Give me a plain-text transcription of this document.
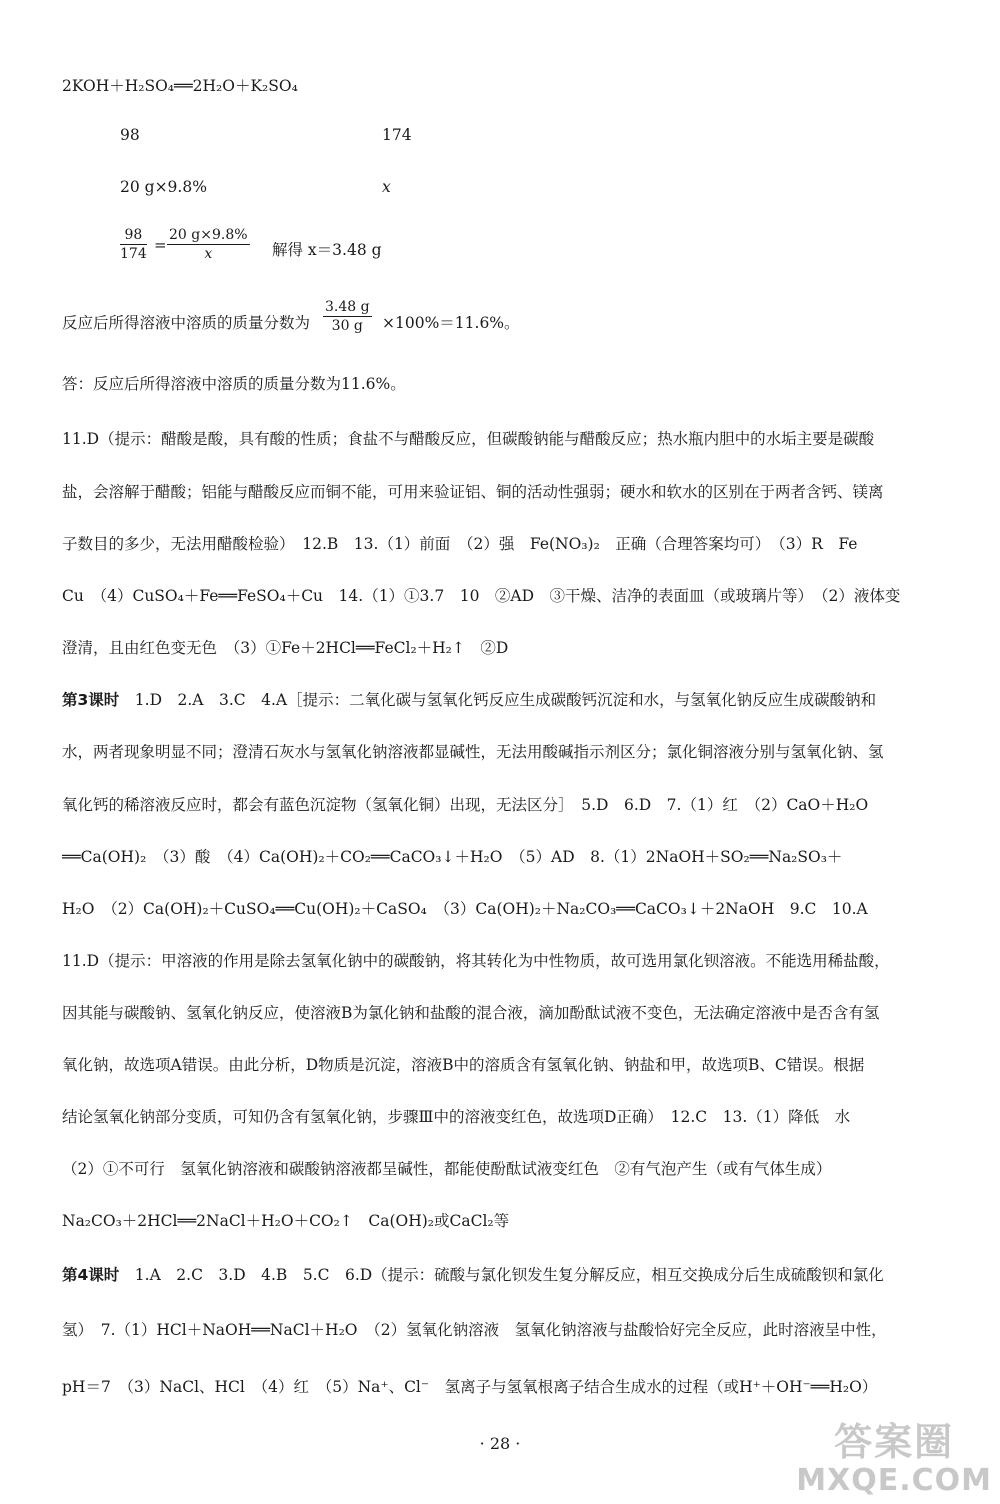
2KOH＋H₂SO₄══2H₂O＋K₂SO₄
98	174
20 g×9.8%	x
$\frac{98}{174} = \frac{20 g\times 9.8\%}{x}$ 解得 x＝3.48 g
反应后所得溶液中溶质的质量分数为 $\frac{3.48 g}{30 g} \times 100\%=11.6\%$。
答：反应后所得溶液中溶质的质量分数为11.6%。
11.D（提示：醋酸是酸，具有酸的性质；食盐不与醋酸反应，但碳酸钠能与醋酸反应；热水瓶内胆中的水垢主要是碳酸
盐，会溶解于醋酸；铝能与醋酸反应而铜不能，可用来验证铝、铜的活动性强弱；硬水和软水的区别在于两者含钙、镁离
子数目的多少，无法用醋酸检验）　12.B　13.（1）前面　（2）强　Fe(NO₃)₂　正确（合理答案均可）　（3）R　Fe
Cu　（4）CuSO₄＋Fe══FeSO₄＋Cu　14.（1）①3.7　10　②AD　③干燥、洁净的表面皿（或玻璃片等）　（2）液体变
澄清，且由红色变无色　（3）①Fe＋2HCl══FeCl₂＋H₂↑　②D
第3课时　1.D　2.A　3.C　4.A［提示：二氧化碳与氢氧化钙反应生成碳酸钙沉淀和水，与氢氧化钠反应生成碳酸钠和
水，两者现象明显不同；澄清石灰水与氢氧化钠溶液都显碱性，无法用酸碱指示剂区分；氯化铜溶液分别与氢氧化钠、氢
氧化钙的稀溶液反应时，都会有蓝色沉淀物（氢氧化铜）出现，无法区分］　5.D　6.D　7.（1）红　（2）CaO＋H₂O
══Ca(OH)₂　（3）酸　（4）Ca(OH)₂＋CO₂══CaCO₃↓＋H₂O　（5）AD　8.（1）2NaOH＋SO₂══Na₂SO₃＋
H₂O　（2）Ca(OH)₂＋CuSO₄══Cu(OH)₂＋CaSO₄　（3）Ca(OH)₂＋Na₂CO₃══CaCO₃↓＋2NaOH　9.C　10.A
11.D（提示：甲溶液的作用是除去氢氧化钠中的碳酸钠，将其转化为中性物质，故可选用氯化钡溶液。不能选用稀盐酸，
因其能与碳酸钠、氢氧化钠反应，使溶液B为氯化钠和盐酸的混合液，滴加酚酞试液不变色，无法确定溶液中是否含有氢
氧化钠，故选项A错误。由此分析，D物质是沉淀，溶液B中的溶质含有氢氧化钠、钠盐和甲，故选项B、C错误。根据
结论氢氧化钠部分变质，可知仍含有氢氧化钠，步骤Ⅲ中的溶液变红色，故选项D正确）　12.C　13.（1）降低　水
（2）①不可行　氢氧化钠溶液和碳酸钠溶液都呈碱性，都能使酚酞试液变红色　②有气泡产生（或有气体生成）
Na₂CO₃＋2HCl══2NaCl＋H₂O＋CO₂↑　Ca(OH)₂或CaCl₂等
第4课时　1.A　2.C　3.D　4.B　5.C　6.D（提示：硫酸与氯化钡发生复分解反应，相互交换成分后生成硫酸钡和氯化
氢）　7.（1）HCl＋NaOH══NaCl＋H₂O　（2）氢氧化钠溶液　氢氧化钠溶液与盐酸恰好完全反应，此时溶液呈中性，
pH＝7　（3）NaCl、HCl　（4）红　（5）Na⁺、Cl⁻　氢离子与氢氧根离子结合生成水的过程（或H⁺＋OH⁻══H₂O）
· 28 ·	答案圈
MXQE.COM
